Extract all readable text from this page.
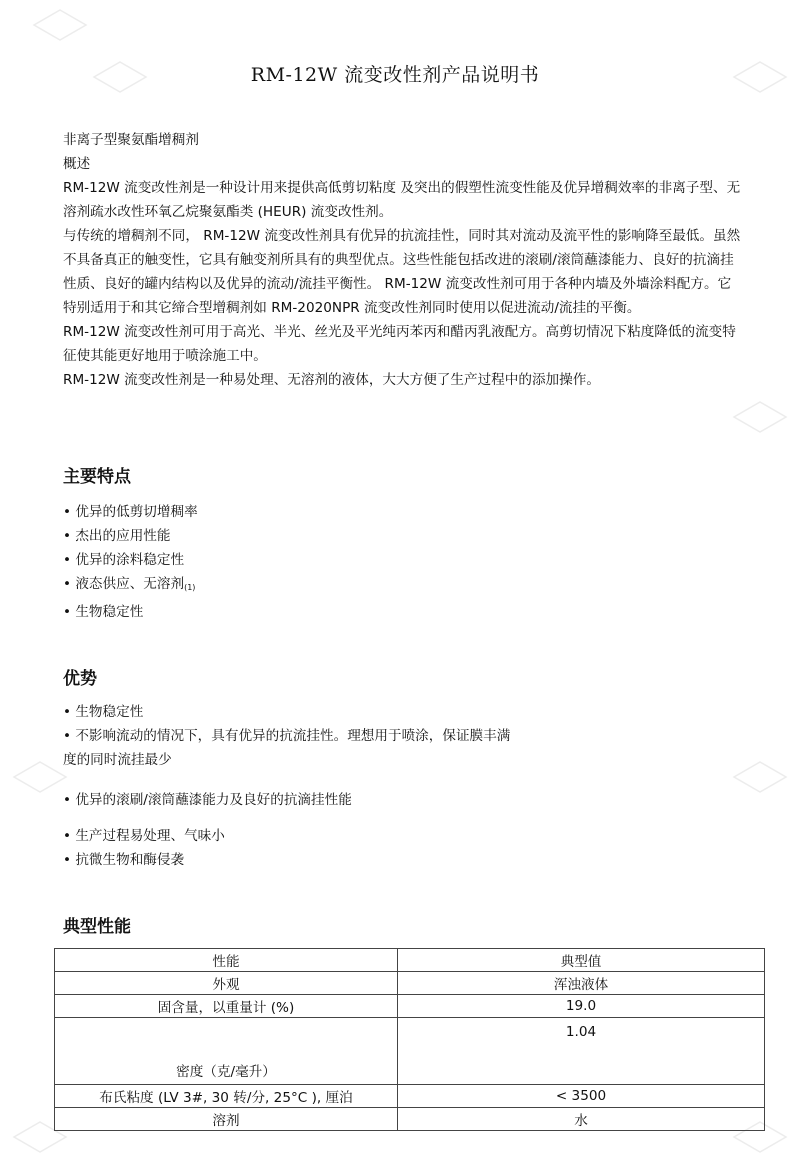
RM-12W 流变改性剂产品说明书

非离子型聚氨酯增稠剂

概述

RM-12W 流变改性剂是一种设计用来提供高低剪切粘度 及突出的假塑性流变性能及优异增稠效率的非离子型、无溶剂疏水改性环氧乙烷聚氨酯类 (HEUR) 流变改性剂。

与传统的增稠剂不同， RM-12W 流变改性剂具有优异的抗流挂性，同时其对流动及流平性的影响降至最低。虽然不具备真正的触变性，它具有触变剂所具有的典型优点。这些性能包括改进的滚刷/滚筒蘸漆能力、良好的抗滴挂性质、良好的罐内结构以及优异的流动/流挂平衡性。 RM-12W 流变改性剂可用于各种内墙及外墙涂料配方。它特别适用于和其它缔合型增稠剂如 RM-2020NPR 流变改性剂同时使用以促进流动/流挂的平衡。

RM-12W 流变改性剂可用于高光、半光、丝光及平光纯丙苯丙和醋丙乳液配方。高剪切情况下粘度降低的流变特征使其能更好地用于喷涂施工中。

RM-12W 流变改性剂是一种易处理、无溶剂的液体，大大方便了生产过程中的添加操作。

主要特点
• 优异的低剪切增稠率
• 杰出的应用性能
• 优异的涂料稳定性
• 液态供应、无溶剂$^{(1)}$
• 生物稳定性
优势
• 生物稳定性
• 不影响流动的情况下，具有优异的抗流挂性。理想用于喷涂，保证膜丰满
度的同时流挂最少
• 优异的滚刷/滚筒蘸漆能力及良好的抗滴挂性能
• 生产过程易处理、气味小
• 抗微生物和酶侵袭
典型性能
性能	典型值
外观	浑浊液体
固含量，以重量计 (%)	19.0
密度（克/毫升）	1.04
布氏粘度 (LV 3#, 30 转/分, 25°C ), 厘泊	< 3500
溶剂	水
